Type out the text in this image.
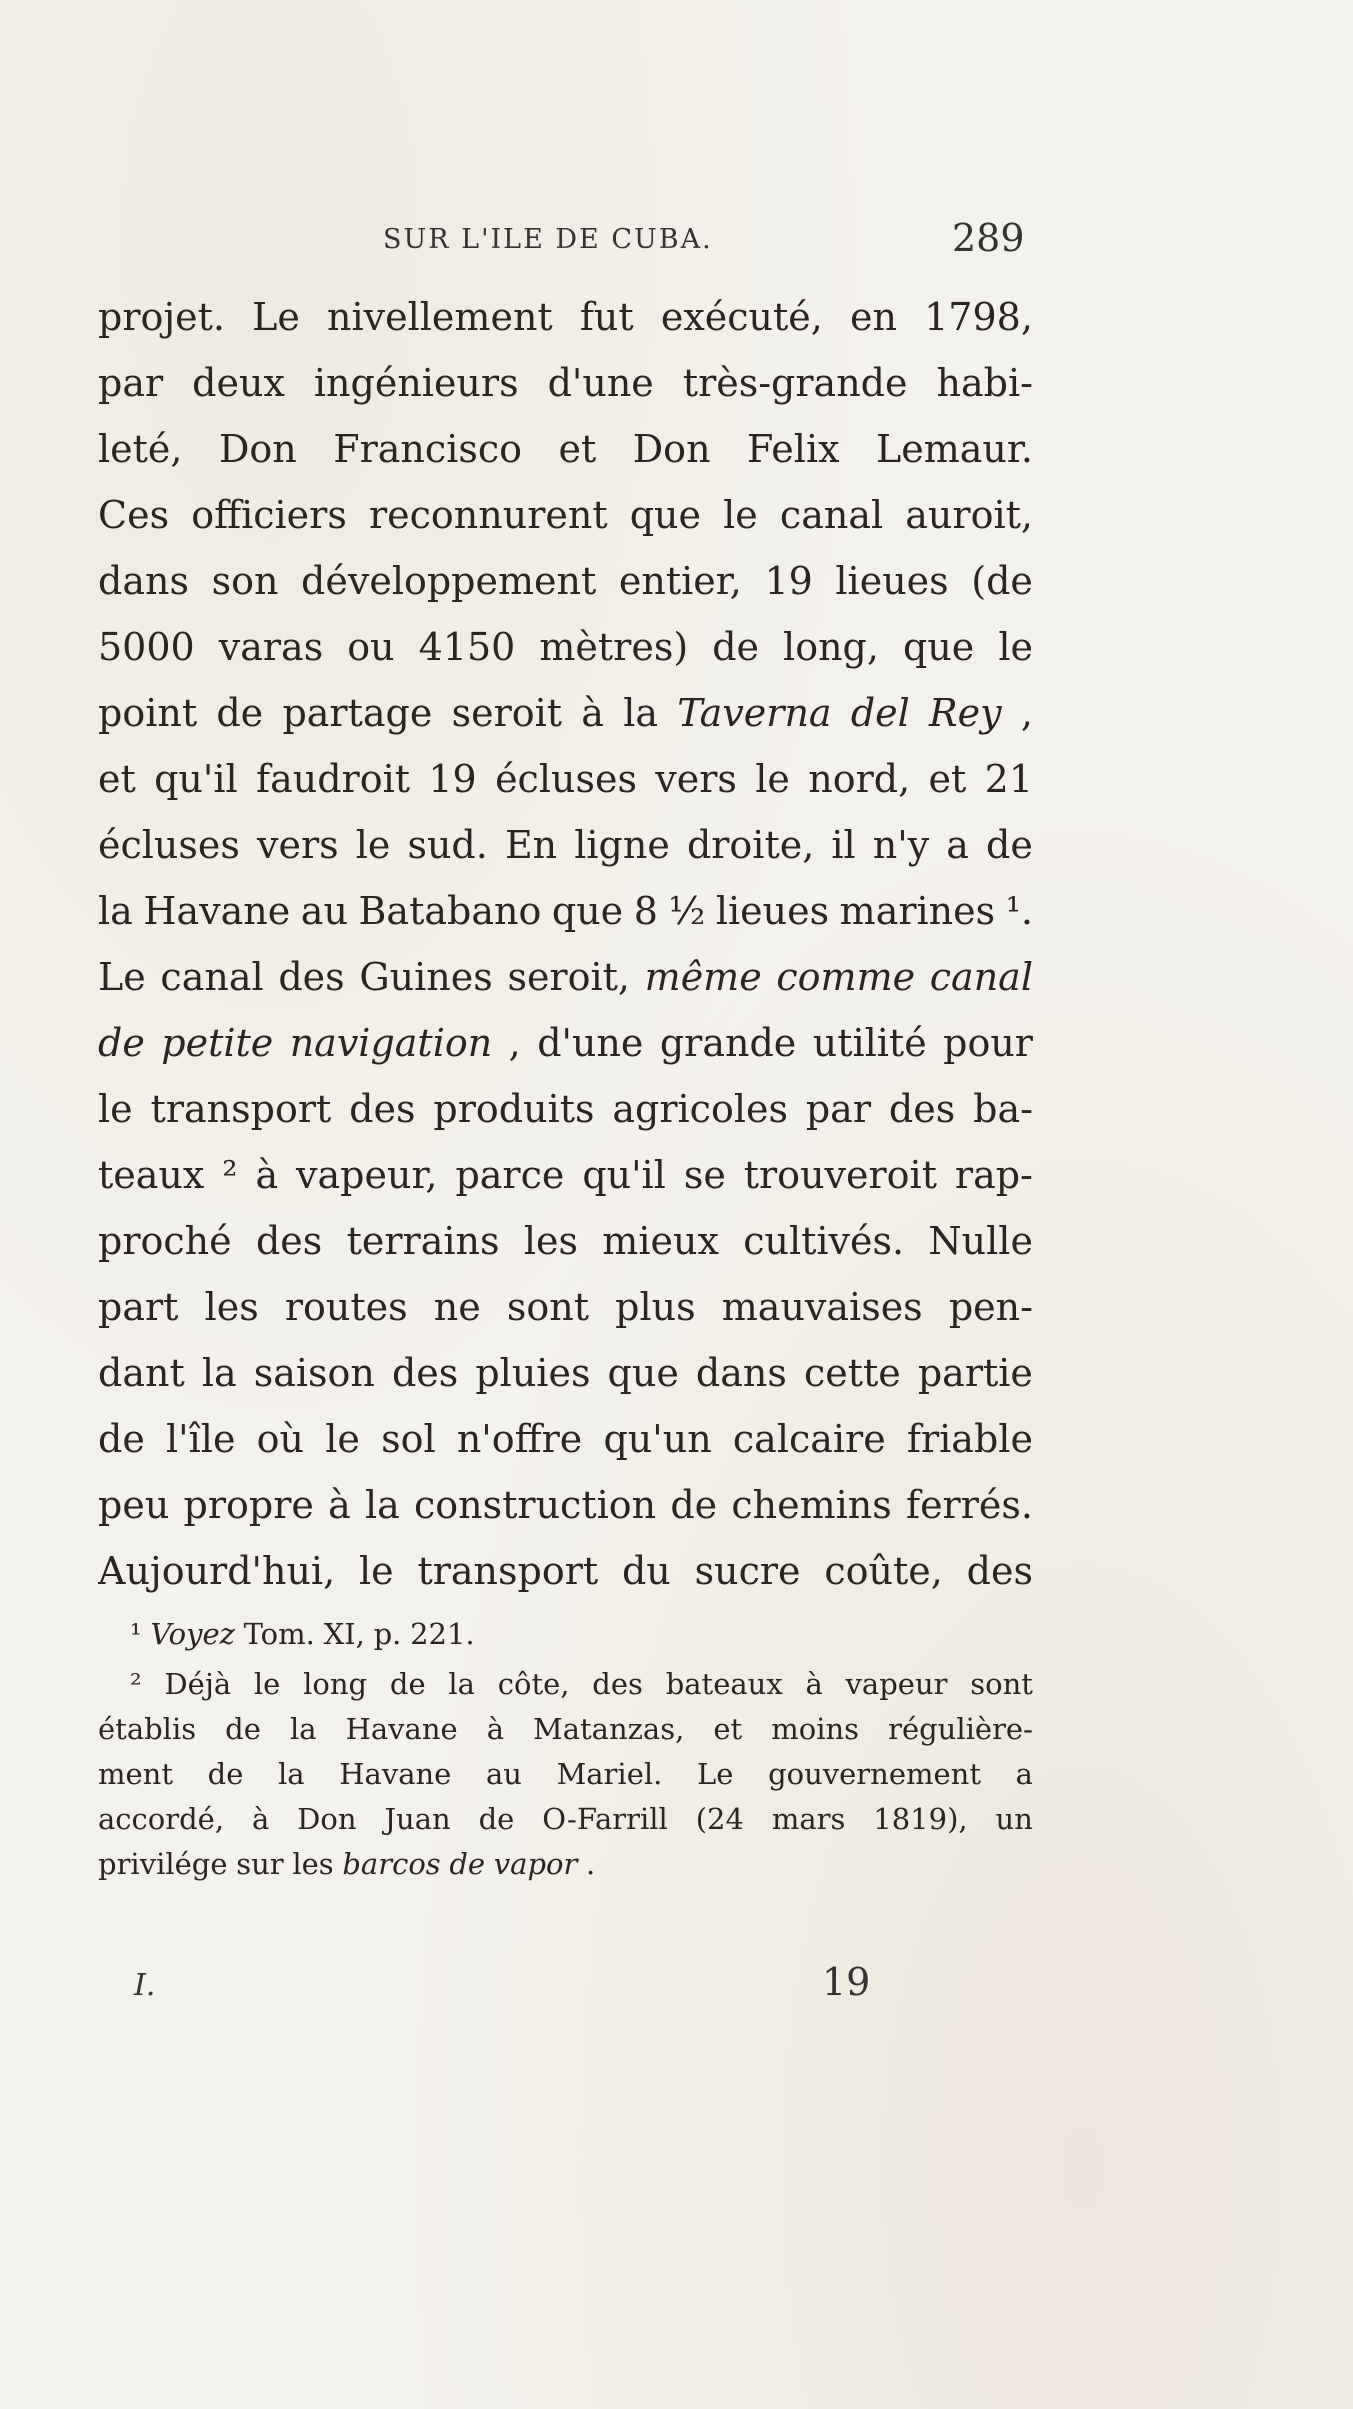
SUR L'ILE DE CUBA.	289
projet. Le nivellement fut exécuté, en 1798,
par deux ingénieurs d'une très-grande habi-
leté, Don Francisco et Don Felix Lemaur.
Ces officiers reconnurent que le canal auroit,
dans son développement entier, 19 lieues (de
5000 varas ou 4150 mètres) de long, que le
point de partage seroit à la Taverna del Rey ,
et qu'il faudroit 19 écluses vers le nord, et 21
écluses vers le sud. En ligne droite, il n'y a de
la Havane au Batabano que 8 ½ lieues marines ¹.
Le canal des Guines seroit, même comme canal
de petite navigation , d'une grande utilité pour
le transport des produits agricoles par des ba-
teaux ² à vapeur, parce qu'il se trouveroit rap-
proché des terrains les mieux cultivés. Nulle
part les routes ne sont plus mauvaises pen-
dant la saison des pluies que dans cette partie
de l'île où le sol n'offre qu'un calcaire friable
peu propre à la construction de chemins ferrés.
Aujourd'hui, le transport du sucre coûte, des
¹ Voyez Tom. XI, p. 221.
² Déjà le long de la côte, des bateaux à vapeur sont
établis de la Havane à Matanzas, et moins régulière-
ment de la Havane au Mariel. Le gouvernement a
accordé, à Don Juan de O-Farrill (24 mars 1819), un
privilége sur les barcos de vapor .
I.	19
